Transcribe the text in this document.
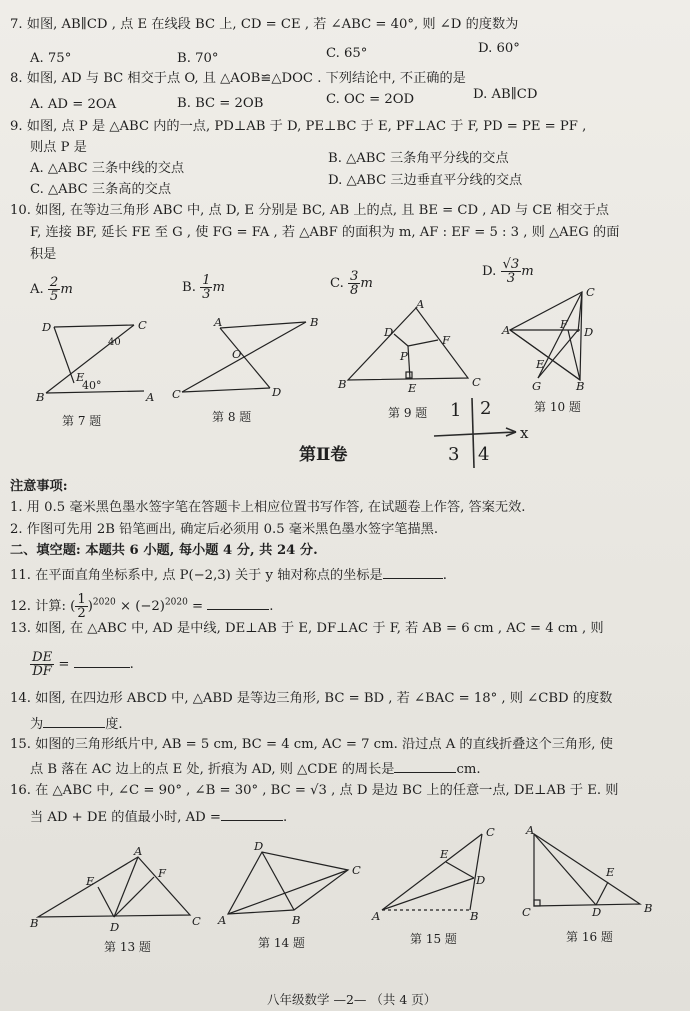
7. 如图, AB∥CD , 点 E 在线段 BC 上, CD = CE , 若 ∠ABC = 40°, 则 ∠D 的度数为
A. 75°	B. 70°	C. 65°	D. 60°
8. 如图, AD 与 BC 相交于点 O, 且 △AOB≌△DOC . 下列结论中, 不正确的是
A. AD = 2OA	B. BC = 2OB	C. OC = 2OD	D. AB∥CD
9. 如图, 点 P 是 △ABC 内的一点, PD⊥AB 于 D, PE⊥BC 于 E, PF⊥AC 于 F, PD = PE = PF ,
则点 P 是
A. △ABC 三条中线的交点
B. △ABC 三条角平分线的交点
C. △ABC 三条高的交点
D. △ABC 三边垂直平分线的交点
10. 如图, 在等边三角形 ABC 中, 点 D, E 分别是 BC, AB 上的点, 且 BE = CD , AD 与 CE 相交于点
F, 连接 BF, 延长 FE 至 G , 使 FG = FA , 若 △ABF 的面积为 m, AF : EF = 5 : 3 , 则 △AEG 的面
积是
A. $\frac{2}{5}$ m	B. $\frac{1}{3}$ m	C. $\frac{3}{8}$ m
D. $\frac{√3}{3}$ m
D	C
E
B	A
40°
40
第 7 题
A	B
O
C	D
第 8 题
A
D
F
P
B	E	C
第 9 题 1 2
3 4
x
C
F
D
A
E
G	B
第 10 题
第Ⅱ卷
注意事项:
1. 用 0.5 毫米黑色墨水签字笔在答题卡上相应位置书写作答, 在试题卷上作答, 答案无效.
2. 作图可先用 2B 铅笔画出, 确定后必须用 0.5 毫米黑色墨水签字笔描黑.
二、填空题: 本题共 6 小题, 每小题 4 分, 共 24 分.
11. 在平面直角坐标系中, 点 P(−2,3) 关于 y 轴对称点的坐标是	.
12. 计算: ( $\frac{1}{2} )^{2020} \times (-2)^{2020}$ =	.
13. 如图, 在 △ABC 中, AD 是中线, DE⊥AB 于 E, DF⊥AC 于 F, 若 AB = 6 cm , AC = 4 cm , 则
$\frac{DE}{DF}$ =	.
14. 如图, 在四边形 ABCD 中, △ABD 是等边三角形, BC = BD , 若 ∠BAC = 18° , 则 ∠CBD 的度数
为	度.
15. 如图的三角形纸片中, AB = 5 cm, BC = 4 cm, AC = 7 cm. 沿过点 A 的直线折叠这个三角形, 使
点 B 落在 AC 边上的点 E 处, 折痕为 AD, 则 △CDE 的周长是	cm.
16. 在 △ABC 中, ∠C = 90° , ∠B = 30° , BC = √3 , 点 D 是边 BC 上的任意一点, DE⊥AB 于 E. 则
当 AD + DE 的值最小时, AD =	.
A
E
F
B	D	C
第 13 题
D
C
A	B
第 14 题
C
E
D
A	B
第 15 题
A
E
C	D	B
第 16 题
八年级数学 —2— （共 4 页）
